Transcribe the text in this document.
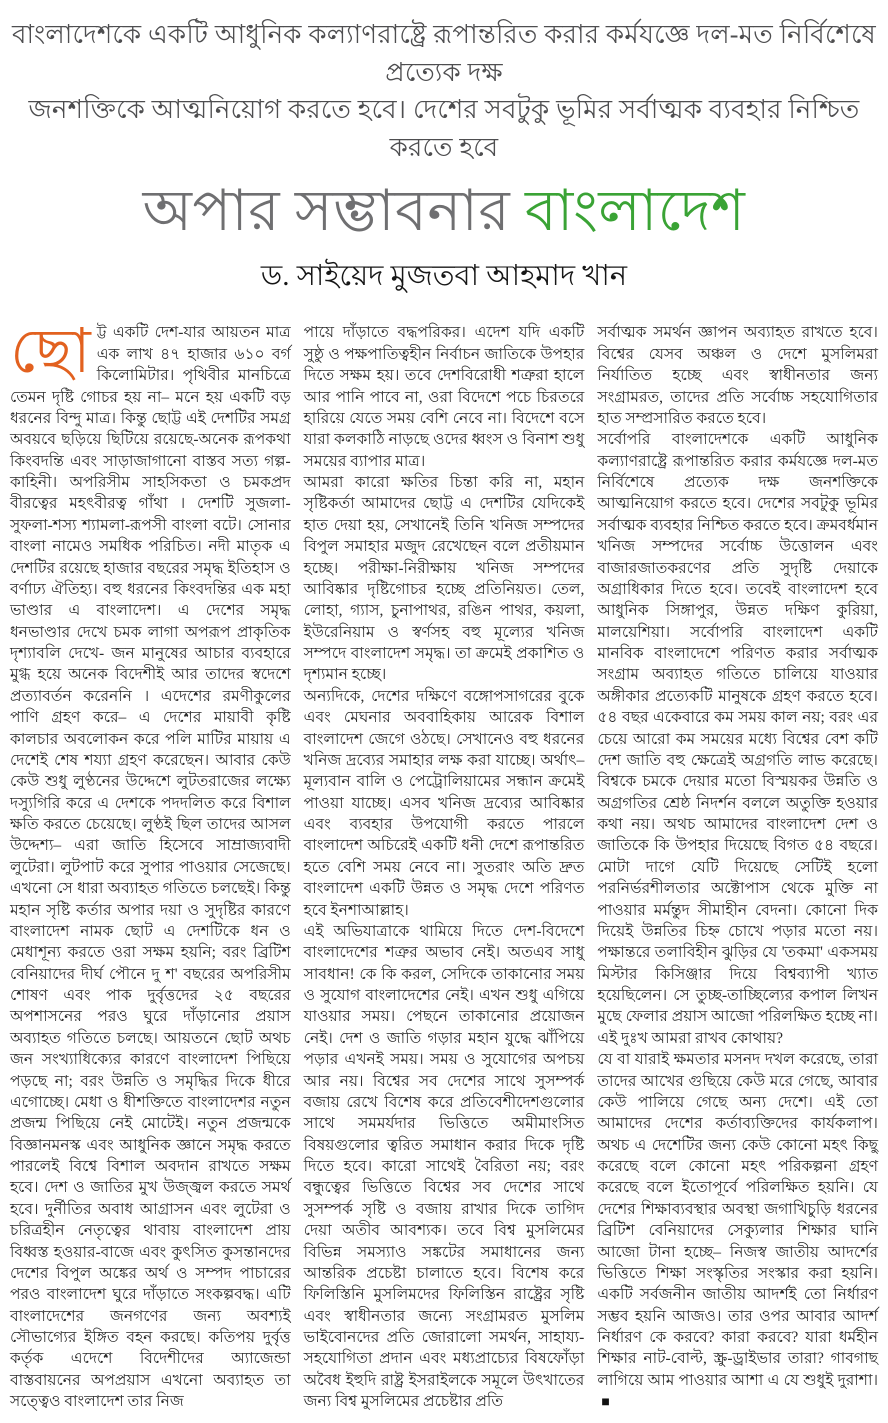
বাংলাদেশকে একটি আধুনিক কল্যাণরাষ্ট্রে রূপান্তরিত করার কর্মযজ্ঞে দল-মত নির্বিশেষে প্রত্যেক দক্ষ
জনশক্তিকে আত্মনিয়োগ করতে হবে। দেশের সবটুকু ভূমির সর্বাত্মক ব্যবহার নিশ্চিত করতে হবে
অপার সম্ভাবনার বাংলাদেশ
ড. সাইয়েদ মুজতবা আহমাদ খান

ছোট্ট একটি দেশ-যার আয়তন মাত্র এক লাখ ৪৭ হাজার ৬১০ বর্গ কিলোমিটার। পৃথিবীর মানচিত্রে তেমন দৃষ্টি গোচর হয় না– মনে হয় একটি বড় ধরনের বিন্দু মাত্র। কিন্তু ছোট্ট এই দেশটির সমগ্র অবয়বে ছড়িয়ে ছিটিয়ে রয়েছে-অনেক রূপকথা কিংবদন্তি এবং সাড়াজাগানো বাস্তব সত্য গল্প-কাহিনী। অপরিসীম সাহসিকতা ও চমকপ্রদ বীরত্বের মহৎবীরত্ব গাঁথা । দেশটি সুজলা-সুফলা-শস্য শ্যামলা-রূপসী বাংলা বটে। সোনার বাংলা নামেও সমধিক পরিচিত। নদী মাতৃক এ দেশটির রয়েছে হাজার বছরের সমৃদ্ধ ইতিহাস ও বর্ণাঢ্য ঐতিহ্য। বহু ধরনের কিংবদন্তির এক মহা ভাণ্ডার এ বাংলাদেশ। এ দেশের সমৃদ্ধ ধনভাণ্ডার দেখে চমক লাগা অপরূপ প্রাকৃতিক দৃশ্যাবলি দেখে- জন মানুষের আচার ব্যবহারে মুগ্ধ হয়ে অনেক বিদেশীই আর তাদের স্বদেশে প্রত্যাবর্তন করেননি । এদেশের রমণীকুলের পাণি গ্রহণ করে– এ দেশের মায়াবী কৃষ্টি কালচার অবলোকন করে পলি মাটির মায়ায় এ দেশেই শেষ শয্যা গ্রহণ করেছেন। আবার কেউ কেউ শুধু লুণ্ঠনের উদ্দেশে লুটতরাজের লক্ষ্যে দস্যুগিরি করে এ দেশকে পদদলিত করে বিশাল ক্ষতি করতে চেয়েছে। লুণ্ঠই ছিল তাদের আসল উদ্দেশ্য– এরা জাতি হিসেবে সাম্রাজ্যবাদী লুটেরা। লুটপাট করে সুপার পাওয়ার সেজেছে। এখনো সে ধারা অব্যাহত গতিতে চলছেই। কিন্তু মহান সৃষ্টি কর্তার অপার দয়া ও সুদৃষ্টির কারণে বাংলাদেশ নামক ছোট এ দেশটিকে ধন ও মেধাশূন্য করতে ওরা সক্ষম হয়নি; বরং ব্রিটিশ বেনিয়াদের দীর্ঘ পৌনে দু শ' বছরের অপরিসীম শোষণ এবং পাক দুর্বৃত্তদের ২৫ বছরের অপশাসনের পরও ঘুরে দাঁড়ানোর প্রয়াস অব্যাহত গতিতে চলছে। আয়তনে ছোট অথচ জন সংখ্যাধিক্যের কারণে বাংলাদেশ পিছিয়ে পড়ছে না; বরং উন্নতি ও সমৃদ্ধির দিকে ধীরে এগোচ্ছে। মেধা ও ধীশক্তিতে বাংলাদেশর নতুন প্রজন্ম পিছিয়ে নেই মোটেই। নতুন প্রজন্মকে বিজ্ঞানমনস্ক এবং আধুনিক জ্ঞানে সমৃদ্ধ করতে পারলেই বিশ্বে বিশাল অবদান রাখতে সক্ষম হবে। দেশ ও জাতির মুখ উজ্জ্বল করতে সমর্থ হবে। দুর্নীতির অবাধ আগ্রাসন এবং লুটেরা ও চরিত্রহীন নেতৃত্বের থাবায় বাংলাদেশ প্রায় বিধ্বস্ত হওয়ার-বাজে এবং কুৎসিত কুসন্তানদের দেশের বিপুল অঙ্কের অর্থ ও সম্পদ পাচারের পরও বাংলাদেশ ঘুরে দাঁড়াতে সংকল্পবদ্ধ। এটি বাংলাদেশের জনগণের জন্য অবশ্যই সৌভাগ্যের ইঙ্গিত বহন করছে। কতিপয় দুর্বৃত্ত কর্তৃক এদেশে বিদেশীদের অ্যাজেন্ডা বাস্তবায়নের অপপ্রয়াস এখনো অব্যাহত তা সত্ত্বেও বাংলাদেশ তার নিজ

পায়ে দাঁড়াতে বদ্ধপরিকর। এদেশ যদি একটি সুষ্ঠু ও পক্ষপাতিত্বহীন নির্বাচন জাতিকে উপহার দিতে সক্ষম হয়। তবে দেশবিরোধী শত্রুরা হালে আর পানি পাবে না, ওরা বিদেশে পচে চিরতরে হারিয়ে যেতে সময় বেশি নেবে না। বিদেশে বসে যারা কলকাঠি নাড়ছে ওদের ধ্বংস ও বিনাশ শুধু সময়ের ব্যাপার মাত্র।

আমরা কারো ক্ষতির চিন্তা করি না, মহান সৃষ্টিকর্তা আমাদের ছোট্ট এ দেশটির যেদিকেই হাত দেয়া হয়, সেখানেই তিনি খনিজ সম্পদের বিপুল সমাহার মজুদ রেখেছেন বলে প্রতীয়মান হচ্ছে। পরীক্ষা-নিরীক্ষায় খনিজ সম্পদের আবিষ্কার দৃষ্টিগোচর হচ্ছে প্রতিনিয়ত। তেল, লোহা, গ্যাস, চুনাপাথর, রঙিন পাথর, কয়লা, ইউরেনিয়াম ও স্বর্ণসহ বহু মূল্যের খনিজ সম্পদে বাংলাদেশ সমৃদ্ধ। তা ক্রমেই প্রকাশিত ও দৃশ্যমান হচ্ছে।

অন্যদিকে, দেশের দক্ষিণে বঙ্গোপসাগরের বুকে এবং মেঘনার অববাহিকায় আরেক বিশাল বাংলাদেশ জেগে ওঠছে। সেখানেও বহু ধরনের খনিজ দ্রব্যের সমাহার লক্ষ করা যাচ্ছে। অর্থাৎ– মূল্যবান বালি ও পেট্রোলিয়ামের সন্ধান ক্রমেই পাওয়া যাচ্ছে। এসব খনিজ দ্রব্যের আবিষ্কার এবং ব্যবহার উপযোগী করতে পারলে বাংলাদেশ অচিরেই একটি ধনী দেশে রূপান্তরিত হতে বেশি সময় নেবে না। সুতরাং অতি দ্রুত বাংলাদেশ একটি উন্নত ও সমৃদ্ধ দেশে পরিণত হবে ইনশাআল্লাহ।

এই অভিযাত্রাকে থামিয়ে দিতে দেশ-বিদেশে বাংলাদেশের শত্রুর অভাব নেই। অতএব সাধু সাবধান! কে কি করল, সেদিকে তাকানোর সময় ও সুযোগ বাংলাদেশের নেই। এখন শুধু এগিয়ে যাওয়ার সময়। পেছনে তাকানোর প্রয়োজন নেই। দেশ ও জাতি গড়ার মহান যুদ্ধে ঝাঁপিয়ে পড়ার এখনই সময়। সময় ও সুযোগের অপচয় আর নয়। বিশ্বের সব দেশের সাথে সুসম্পর্ক বজায় রেখে বিশেষ করে প্রতিবেশীদেশগুলোর সাথে সমমর্যদার ভিত্তিতে অমীমাংসিত বিষয়গুলোর ত্বরিত সমাধান করার দিকে দৃষ্টি দিতে হবে। কারো সাথেই বৈরিতা নয়; বরং বন্ধুত্বের ভিত্তিতে বিশ্বের সব দেশের সাথে সুসম্পর্ক সৃষ্টি ও বজায় রাখার দিকে তাগিদ দেয়া অতীব আবশ্যক। তবে বিশ্ব মুসলিমের বিভিন্ন সমস্যাও সঙ্কটের সমাধানের জন্য আন্তরিক প্রচেষ্টা চালাতে হবে। বিশেষ করে ফিলিস্তিনি মুসলিমদের ফিলিস্তিন রাষ্ট্রের সৃষ্টি এবং স্বাধীনতার জন্যে সংগ্রামরত মুসলিম ভাইবোনদের প্রতি জোরালো সমর্থন, সাহায্য-সহযোগিতা প্রদান এবং মধ্যপ্রাচ্যের বিষফোঁড়া অবৈধ ইহুদি রাষ্ট্র ইসরাইলকে সমূলে উৎখাতের জন্য বিশ্ব মুসলিমের প্রচেষ্টার প্রতি

সর্বাত্মক সমর্থন জ্ঞাপন অব্যাহত রাখতে হবে। বিশ্বের যেসব অঞ্চল ও দেশে মুসলিমরা নির্যাতিত হচ্ছে এবং স্বাধীনতার জন্য সংগ্রামরত, তাদের প্রতি সর্বোচ্চ সহযোগিতার হাত সম্প্রসারিত করতে হবে।

সর্বোপরি বাংলাদেশকে একটি আধুনিক কল্যাণরাষ্ট্রে রূপান্তরিত করার কর্মযজ্ঞে দল-মত নির্বিশেষে প্রত্যেক দক্ষ জনশক্তিকে আত্মনিয়োগ করতে হবে। দেশের সবটুকু ভূমির সর্বাত্মক ব্যবহার নিশ্চিত করতে হবে। ক্রমবর্ধমান খনিজ সম্পদের সর্বোচ্চ উত্তোলন এবং বাজারজাতকরণের প্রতি সুদৃষ্টি দেয়াকে অগ্রাধিকার দিতে হবে। তবেই বাংলাদেশ হবে আধুনিক সিঙ্গাপুর, উন্নত দক্ষিণ কুরিয়া, মালয়েশিয়া। সর্বোপরি বাংলাদেশ একটি মানবিক বাংলাদেশে পরিণত করার সর্বাত্মক সংগ্রাম অব্যাহত গতিতে চালিয়ে যাওয়ার অঙ্গীকার প্রত্যেকটি মানুষকে গ্রহণ করতে হবে। ৫৪ বছর একেবারে কম সময় কাল নয়; বরং এর চেয়ে আরো কম সময়ের মধ্যে বিশ্বের বেশ কটি দেশ জাতি বহু ক্ষেত্রেই অগ্রগতি লাভ করেছে। বিশ্বকে চমকে দেয়ার মতো বিস্ময়কর উন্নতি ও অগ্রগতির শ্রেষ্ঠ নিদর্শন বললে অতুক্তি হওয়ার কথা নয়। অথচ আমাদের বাংলাদেশ দেশ ও জাতিকে কি উপহার দিয়েছে বিগত ৫৪ বছরে। মোটা দাগে যেটি দিয়েছে সেটিই হলো পরনির্ভরশীলতার অক্টোপাস থেকে মুক্তি না পাওয়ার মর্মন্তুদ সীমাহীন বেদনা। কোনো দিক দিয়েই উন্নতির চিহ্ন চোখে পড়ার মতো নয়। পক্ষান্তরে তলাবিহীন ঝুড়ির যে 'তকমা' একসময় মিস্টার কিসিঞ্জার দিয়ে বিশ্বব্যাপী খ্যাত হয়েছিলেন। সে তুচ্ছ-তাচ্ছিল্যের কপাল লিখন মুছে ফেলার প্রয়াস আজো পরিলক্ষিত হচ্ছে না। এই দুঃখ আমরা রাখব কোথায়?

যে বা যারাই ক্ষমতার মসনদ দখল করেছে, তারা তাদের আখের গুছিয়ে কেউ মরে গেছে, আবার কেউ পালিয়ে গেছে অন্য দেশে। এই তো আমাদের দেশের কর্তাব্যক্তিদের কার্যকলাপ। অথচ এ দেশেটির জন্য কেউ কোনো মহৎ কিছু করেছে বলে কোনো মহৎ পরিকল্পনা গ্রহণ করেছে বলে ইতোপূর্বে পরিলক্ষিত হয়নি। যে দেশের শিক্ষাব্যবস্থার অবস্থা জগাখিচুড়ি ধরনের ব্রিটিশ বেনিয়াদের সেক্যুলার শিক্ষার ঘানি আজো টানা হচ্ছে– নিজস্ব জাতীয় আদর্শের ভিত্তিতে শিক্ষা সংস্কৃতির সংস্কার করা হয়নি। একটি সর্বজনীন জাতীয় আদর্শই তো নির্ধারণ সম্ভব হয়নি আজও। তার ওপর আবার আদর্শ নির্ধারণ কে করবে? কারা করবে? যারা ধর্মহীন শিক্ষার নাট-বোল্ট, স্ক্রু-ড্রাইভার তারা? গাবগাছ লাগিয়ে আম পাওয়ার আশা এ যে শুধুই দুরাশা।■
